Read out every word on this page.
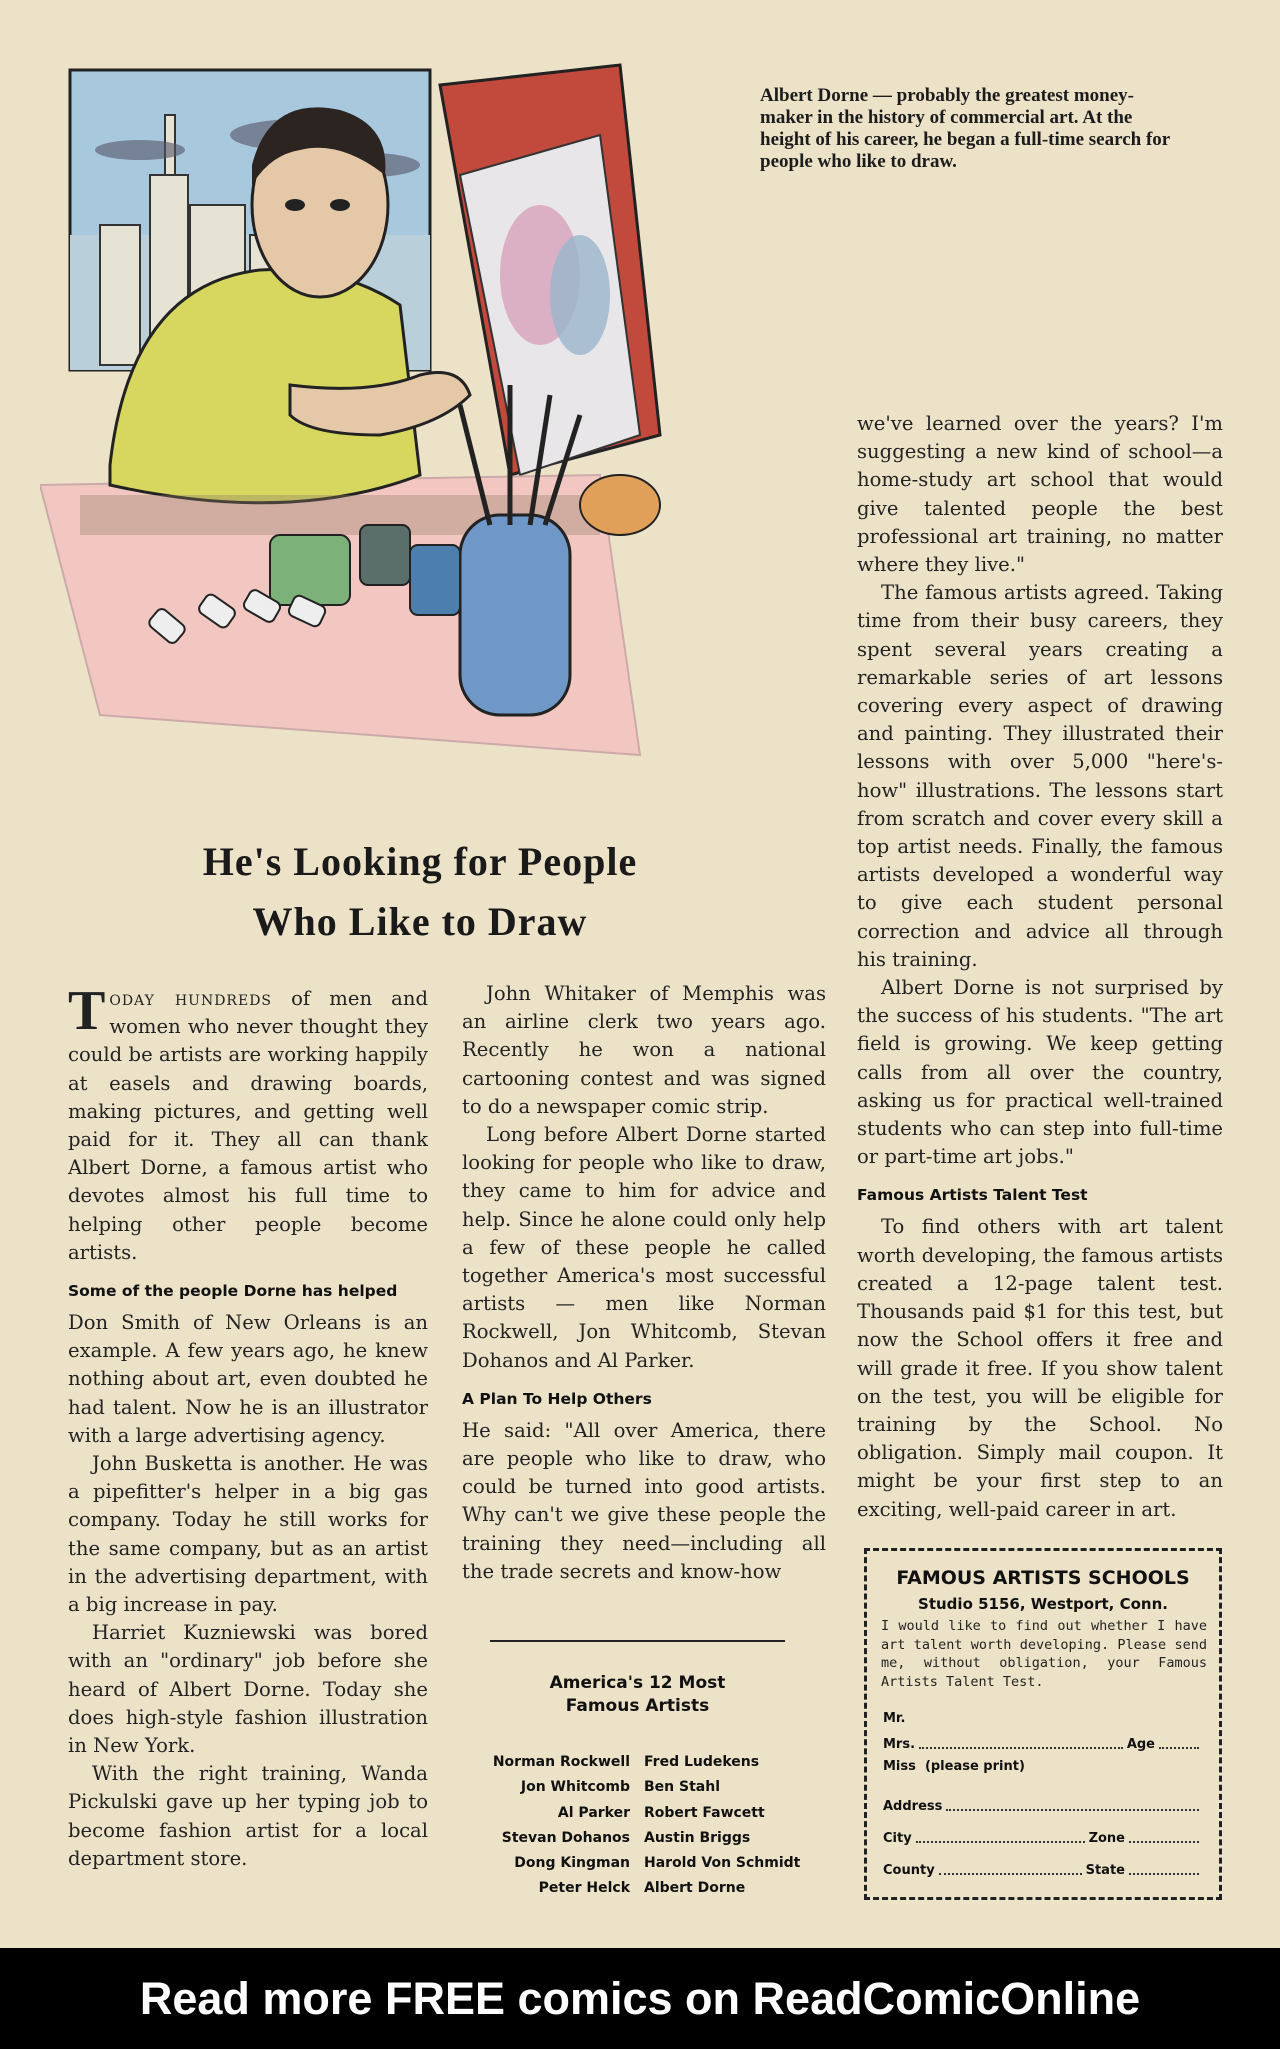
Albert Dorne — probably the greatest money-maker in the history of commercial art. At the height of his career, he began a full-time search for people who like to draw.
He's Looking for People
Who Like to Draw

Today hundreds of men and women who never thought they could be artists are working happily at easels and drawing boards, making pictures, and getting well paid for it. They all can thank Albert Dorne, a famous artist who devotes almost his full time to helping other people become artists.

Some of the people Dorne has helped

Don Smith of New Orleans is an example. A few years ago, he knew nothing about art, even doubted he had talent. Now he is an illustrator with a large advertising agency.

John Busketta is another. He was a pipefitter's helper in a big gas company. Today he still works for the same company, but as an artist in the advertising department, with a big increase in pay.

Harriet Kuzniewski was bored with an "ordinary" job before she heard of Albert Dorne. Today she does high-style fashion illustration in New York.

With the right training, Wanda Pickulski gave up her typing job to become fashion artist for a local department store.

John Whitaker of Memphis was an airline clerk two years ago. Recently he won a national cartooning contest and was signed to do a newspaper comic strip.

Long before Albert Dorne started looking for people who like to draw, they came to him for advice and help. Since he alone could only help a few of these people he called together America's most successful artists — men like Norman Rockwell, Jon Whitcomb, Stevan Dohanos and Al Parker.

A Plan To Help Others

He said: "All over America, there are people who like to draw, who could be turned into good artists. Why can't we give these people the training they need—including all the trade secrets and know-how

America's 12 Most
Famous Artists
Norman Rockwell	Fred Ludekens
Jon Whitcomb	Ben Stahl
Al Parker	Robert Fawcett
Stevan Dohanos	Austin Briggs
Dong Kingman	Harold Von Schmidt
Peter Helck	Albert Dorne

we've learned over the years? I'm suggesting a new kind of school—a home-study art school that would give talented people the best professional art training, no matter where they live."

The famous artists agreed. Taking time from their busy careers, they spent several years creating a remarkable series of art lessons covering every aspect of drawing and painting. They illustrated their lessons with over 5,000 "here's-how" illustrations. The lessons start from scratch and cover every skill a top artist needs. Finally, the famous artists developed a wonderful way to give each student personal correction and advice all through his training.

Albert Dorne is not surprised by the success of his students. "The art field is growing. We keep getting calls from all over the country, asking us for practical well-trained students who can step into full-time or part-time art jobs."

Famous Artists Talent Test

To find others with art talent worth developing, the famous artists created a 12-page talent test. Thousands paid $1 for this test, but now the School offers it free and will grade it free. If you show talent on the test, you will be eligible for training by the School. No obligation. Simply mail coupon. It might be your first step to an exciting, well-paid career in art.

FAMOUS ARTISTS SCHOOLS
Studio 5156, Westport, Conn.
I would like to find out whether I have art talent worth developing. Please send me, without obligation, your Famous Artists Talent Test.
Mr.
Mrs.	Age
Miss
(please print)
Address
City	Zone
County	State
Read more FREE comics on ReadComicOnline
